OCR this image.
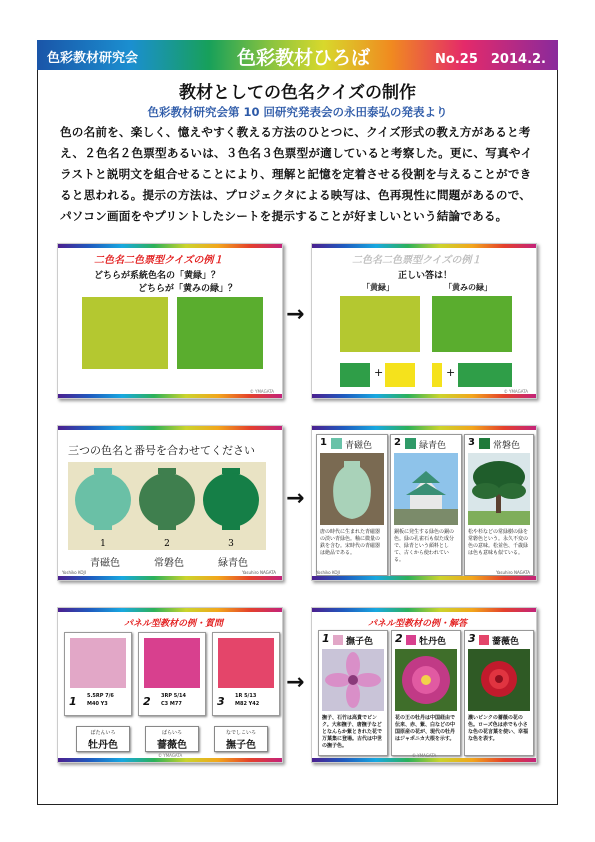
色彩教材研究会	色彩教材ひろば	No.25　2014.2.
教材としての色名クイズの制作
色彩教材研究会第 10 回研究発表会の永田泰弘の発表より
色の名前を、楽しく、憶えやすく教える方法のひとつに、クイズ形式の教え方があると考
え、２色名２色票型あるいは、３色名３色票型が適していると考察した。更に、写真やイ
ラストと説明文を組合せることにより、理解と記憶を定着させる役割を与えることができ
ると思われる。提示の方法は、プロジェクタによる映写は、色再現性に問題があるので、
パソコン画面をやプリントしたシートを提示することが好ましいという結論である。
二色名二色票型クイズの例１
どちらが系統色名の「黄緑」？
どちらが「黄みの緑」？
© YMAGATA
→
二色名二色票型クイズの例１
正しい答は！
「黄緑」	「黄みの緑」
+	+
© YMAGATA
三つの色名と番号を合わせてください
1	2	3
青磁色	常磐色	緑青色
Yoshiko KOJI	Yasuhiro NAGATA
→
1 青磁色
唐の時代に生まれた青磁器の淡い青緑色。釉に微量の鉄を含む。宋時代の青磁器は絶品である。
2 緑青色
銅板に発生する緑色の銅の色。緑の孔雀石も似た成分で、緑青という顔料として、古くから使われている。
3 常磐色
松や杉などの常緑樹の緑を常磐色という。永久不変の色の意味。松並色、千歳緑は色も意味も似ている。
Yoshiko KOJI	Yasuhiro NAGATA
パネル型教材の例・質問
1 5.5RP 7/6
M40 Y3	2 3RP 5/14
C3 M77	3 1R 5/13
M82 Y42
ぼたんいろ
牡丹色
ばらいろ
薔薇色
なでしこいろ
撫子色
© YMAGATA
→
パネル型教材の例・解答
1 撫子色
撫子、石竹は高貴でピンク。大和撫子、唐撫子などとなんらか紫ときれた花で万葉集に登場。古代は中世の撫子色。
2 牡丹色
花の王の牡丹は中国経由で伝来、赤、紫、白などの中国原産の花が、現代の牡丹はジャポニカ大根を示す。
3 薔薇色
濃いピンクの薔薇の花の色。ローズ色は赤でも小さな色の花言葉を使い、幸福な色を表す。
© YMAGATA
